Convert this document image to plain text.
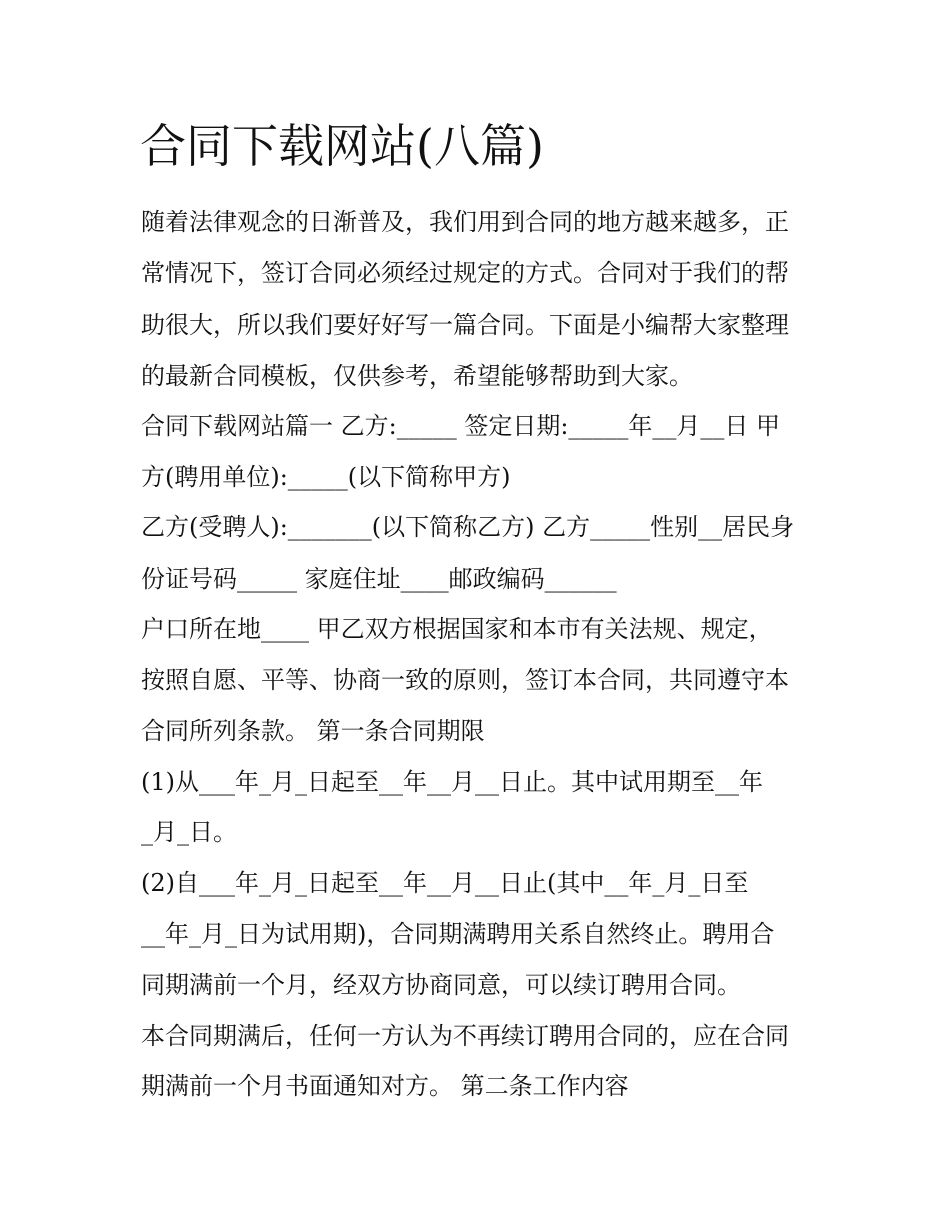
合同下载网站(八篇)
随着法律观念的日渐普及，我们用到合同的地方越来越多，正
常情况下，签订合同必须经过规定的方式。合同对于我们的帮
助很大，所以我们要好好写一篇合同。下面是小编帮大家整理
的最新合同模板，仅供参考，希望能够帮助到大家。
合同下载网站篇一 乙方:_____ 签定日期:_____年__月__日 甲
方(聘用单位):_____(以下简称甲方)
乙方(受聘人):_______(以下简称乙方) 乙方_____性别__居民身
份证号码_____ 家庭住址____邮政编码______
户口所在地____ 甲乙双方根据国家和本市有关法规、规定，
按照自愿、平等、协商一致的原则，签订本合同，共同遵守本
合同所列条款。 第一条合同期限
(1)从___年_月_日起至__年__月__日止。其中试用期至__年
_月_日。
(2)自___年_月_日起至__年__月__日止(其中__年_月_日至
__年_月_日为试用期)，合同期满聘用关系自然终止。聘用合
同期满前一个月，经双方协商同意，可以续订聘用合同。
本合同期满后，任何一方认为不再续订聘用合同的，应在合同
期满前一个月书面通知对方。 第二条工作内容
